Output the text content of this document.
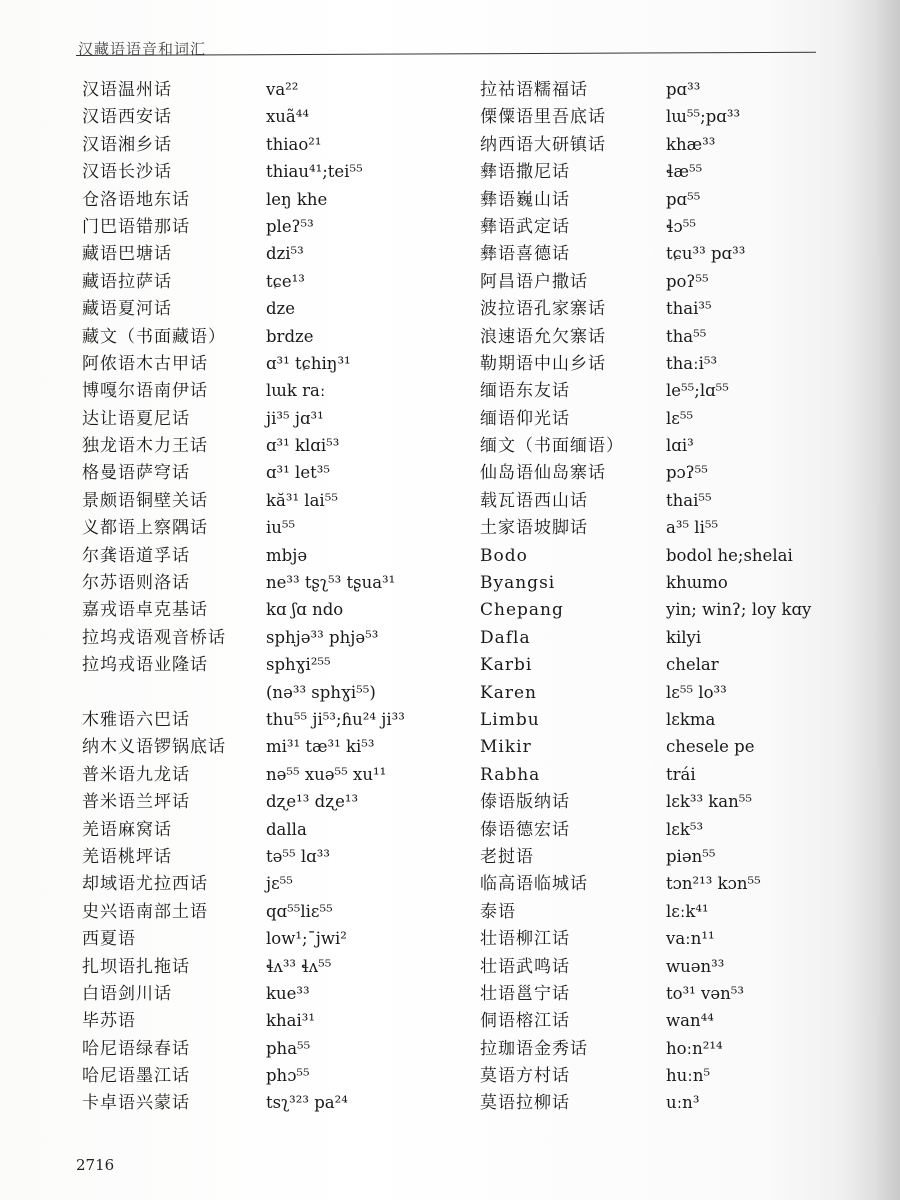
汉藏语语音和词汇
汉语温州话	va²²
汉语西安话	xuã⁴⁴
汉语湘乡话	thiao²¹
汉语长沙话	thiau⁴¹;tei⁵⁵
仓洛语地东话	leŋ khe
门巴语错那话	pleʔ⁵³
藏语巴塘话	dzi⁵³
藏语拉萨话	tɕe¹³
藏语夏河话	dze
藏文（书面藏语） brdze
阿侬语木古甲话	ɑ³¹ tɕhiŋ³¹
博嘎尔语南伊话	lɯk raː
达让语夏尼话	ji³⁵ jɑ³¹
独龙语木力王话	ɑ³¹ klɑi⁵³
格曼语萨穹话	ɑ³¹ let³⁵
景颇语铜壁关话	kă³¹ lai⁵⁵
义都语上察隅话	iu⁵⁵
尔龚语道孚话	mbjə
尔苏语则洛话	ne³³ tʂʅ⁵³ tʂua³¹
嘉戎语卓克基话	kɑ ʃɑ ndo
拉坞戎语观音桥话 sphjə³³ phjə⁵³
拉坞戎语业隆话	sphɣi²⁵⁵
(nə³³ sphɣi⁵⁵)
木雅语六巴话	thu⁵⁵ ji⁵³;ɦu²⁴ ji³³
纳木义语锣锅底话 mi³¹ tæ³¹ ki⁵³
普米语九龙话	nə⁵⁵ xuə⁵⁵ xu¹¹
普米语兰坪话	dʐe¹³ dʐe¹³
羌语麻窝话	dalla
羌语桃坪话	tə⁵⁵ lɑ³³
却域语尤拉西话	jɛ⁵⁵
史兴语南部土语	qɑ⁵⁵liɛ⁵⁵
西夏语	low¹;¯jwi²
扎坝语扎拖话	ɬʌ³³ ɬʌ⁵⁵
白语剑川话	kue³³
毕苏语	khai³¹
哈尼语绿春话	pha⁵⁵
哈尼语墨江话	phɔ⁵⁵
卡卓语兴蒙话	tsʅ³²³ pa²⁴
拉祜语糯福话	pɑ³³
傈僳语里吾底话	lɯ⁵⁵;pɑ³³
纳西语大研镇话	khæ³³
彝语撒尼话	ɬæ⁵⁵
彝语巍山话	pɑ⁵⁵
彝语武定话	ɬɔ⁵⁵
彝语喜德话	tɕu³³ pɑ³³
阿昌语户撒话	poʔ⁵⁵
波拉语孔家寨话	thai³⁵
浪速语允欠寨话	tha⁵⁵
勒期语中山乡话	thaːi⁵³
缅语东友话	le⁵⁵;lɑ⁵⁵
缅语仰光话	lɛ⁵⁵
缅文（书面缅语）	lɑi³
仙岛语仙岛寨话	pɔʔ⁵⁵
载瓦语西山话	thai⁵⁵
土家语坡脚话	a³⁵ li⁵⁵
Bodo	bodol he;shelai
Byangsi	khɯmo
Chepang	yin; winʔ; loy kɑy
Dafla	kilyi
Karbi	chelar
Karen	lɛ⁵⁵ lo³³
Limbu	lɛkma
Mikir	chesele pe
Rabha	trái
傣语版纳话	lɛk³³ kan⁵⁵
傣语德宏话	lɛk⁵³
老挝语	piən⁵⁵
临高语临城话	tɔn²¹³ kɔn⁵⁵
泰语	lɛːk⁴¹
壮语柳江话	vaːn¹¹
壮语武鸣话	wuən³³
壮语邕宁话	to³¹ vən⁵³
侗语榕江话	wan⁴⁴
拉珈语金秀话	hoːn²¹⁴
莫语方村话	huːn⁵
莫语拉柳话	uːn³
2716
